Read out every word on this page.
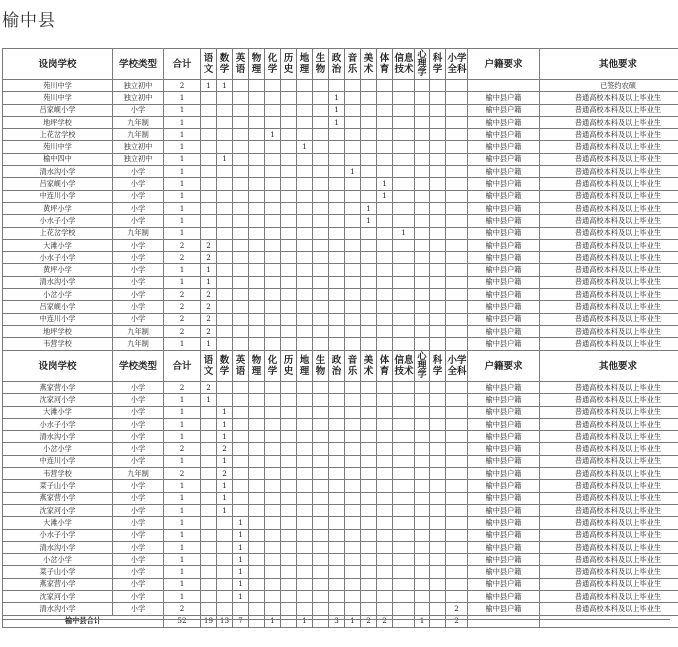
榆中县
设岗学校	学校类型	合计	语文	数学	英语	物理	化学	历史	地理	生物	政治	音乐	美术	体育	信息技术	心理学	科学	小学全科	户籍要求	其他要求
苑川中学	独立初中	2	1	1																已签约农硕
苑川中学	独立初中	1									1								榆中县户籍	普通高校本科及以上毕业生
吕家岘小学	小学	1									1								榆中县户籍	普通高校本科及以上毕业生
地坪学校	九年制	1									1								榆中县户籍	普通高校本科及以上毕业生
上花岔学校	九年制	1					1												榆中县户籍	普通高校本科及以上毕业生
苑川中学	独立初中	1							1										榆中县户籍	普通高校本科及以上毕业生
榆中四中	独立初中	1		1															榆中县户籍	普通高校本科及以上毕业生
清水沟小学	小学	1										1							榆中县户籍	普通高校本科及以上毕业生
吕家岘小学	小学	1												1					榆中县户籍	普通高校本科及以上毕业生
中连川小学	小学	1												1					榆中县户籍	普通高校本科及以上毕业生
黄坪小学	小学	1											1						榆中县户籍	普通高校本科及以上毕业生
小水子小学	小学	1											1						榆中县户籍	普通高校本科及以上毕业生
上花岔学校	九年制	1													1				榆中县户籍	普通高校本科及以上毕业生
大滩小学	小学	2	2																榆中县户籍	普通高校本科及以上毕业生
小水子小学	小学	2	2																榆中县户籍	普通高校本科及以上毕业生
黄坪小学	小学	1	1																榆中县户籍	普通高校本科及以上毕业生
清水沟小学	小学	1	1																榆中县户籍	普通高校本科及以上毕业生
小岔小学	小学	2	2																榆中县户籍	普通高校本科及以上毕业生
吕家岘小学	小学	2	2																榆中县户籍	普通高校本科及以上毕业生
中连川小学	小学	2	2																榆中县户籍	普通高校本科及以上毕业生
地坪学校	九年制	2	2																榆中县户籍	普通高校本科及以上毕业生
韦营学校	九年制	1	1																榆中县户籍	普通高校本科及以上毕业生
设岗学校	学校类型	合计	语文	数学	英语	物理	化学	历史	地理	生物	政治	音乐	美术	体育	信息技术	心理学	科学	小学全科	户籍要求	其他要求
燕家营小学	小学	2	2																榆中县户籍	普通高校本科及以上毕业生
沈家河小学	小学	1	1																榆中县户籍	普通高校本科及以上毕业生
大滩小学	小学	1		1															榆中县户籍	普通高校本科及以上毕业生
小水子小学	小学	1		1															榆中县户籍	普通高校本科及以上毕业生
清水沟小学	小学	1		1															榆中县户籍	普通高校本科及以上毕业生
小岔小学	小学	2		2															榆中县户籍	普通高校本科及以上毕业生
中连川小学	小学	1		1															榆中县户籍	普通高校本科及以上毕业生
韦营学校	九年制	2		2															榆中县户籍	普通高校本科及以上毕业生
菜子山小学	小学	1		1															榆中县户籍	普通高校本科及以上毕业生
燕家营小学	小学	1		1															榆中县户籍	普通高校本科及以上毕业生
沈家河小学	小学	1		1															榆中县户籍	普通高校本科及以上毕业生
大滩小学	小学	1			1														榆中县户籍	普通高校本科及以上毕业生
小水子小学	小学	1			1														榆中县户籍	普通高校本科及以上毕业生
清水沟小学	小学	1			1														榆中县户籍	普通高校本科及以上毕业生
小岔小学	小学	1			1														榆中县户籍	普通高校本科及以上毕业生
菜子山小学	小学	1			1														榆中县户籍	普通高校本科及以上毕业生
燕家营小学	小学	1			1														榆中县户籍	普通高校本科及以上毕业生
沈家河小学	小学	1			1														榆中县户籍	普通高校本科及以上毕业生
清水沟小学	小学	2																2	榆中县户籍	普通高校本科及以上毕业生
榆中县合计		52	19	13	7		1		1		3	1	2	2		1		2		
